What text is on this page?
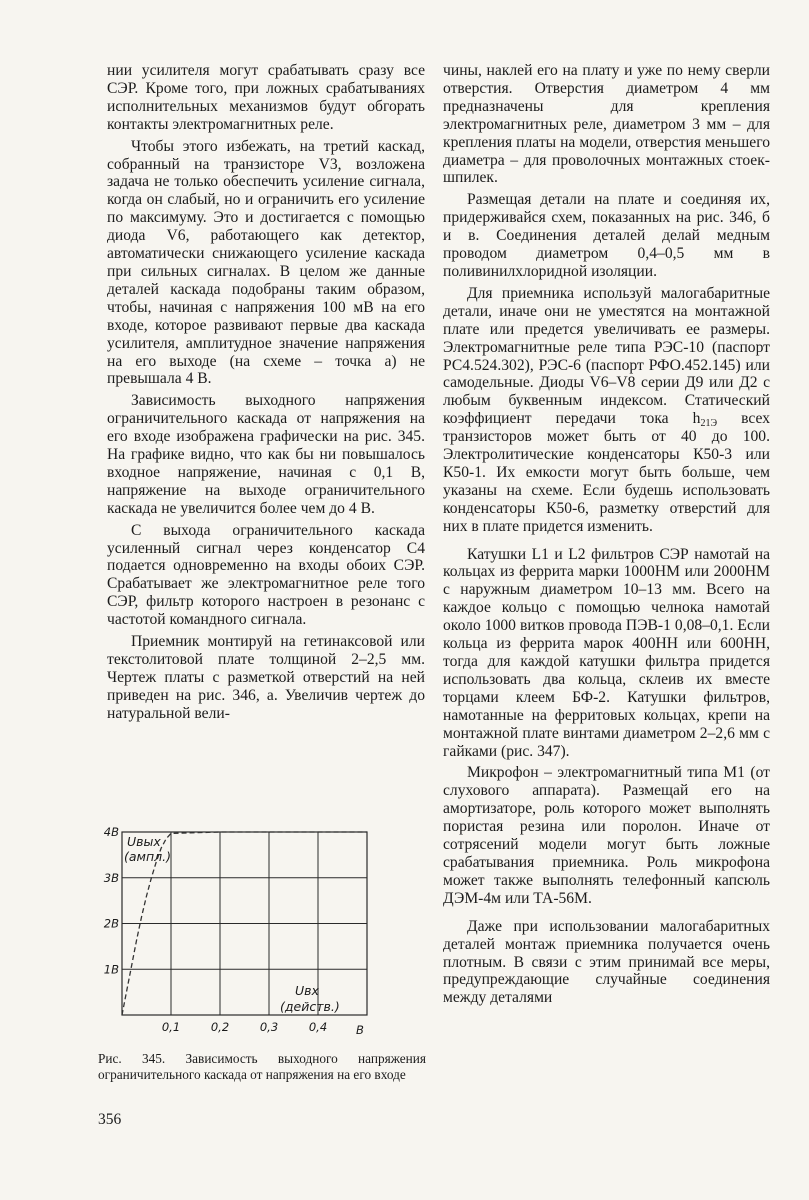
нии усилителя могут срабатывать сразу все СЭР. Кроме того, при ложных срабатываниях исполнительных механизмов будут обгорать контакты электромагнитных реле.

Чтобы этого избежать, на третий каскад, собранный на транзисторе V3, возложена задача не только обеспечить усиление сигнала, когда он слабый, но и ограничить его усиление по максимуму. Это и достигается с помощью диода V6, работающего как детектор, автоматически снижающего усиление каскада при сильных сигналах. В целом же данные деталей каскада подобраны таким образом, чтобы, начиная с напряжения 100 мВ на его входе, которое развивают первые два каскада усилителя, амплитудное значение напряжения на его выходе (на схеме – точка а) не превышала 4 В.

Зависимость выходного напряжения ограничительного каскада от напряжения на его входе изображена графически на рис. 345. На графике видно, что как бы ни повышалось входное напряжение, начиная с 0,1 В, напряжение на выходе ограничительного каскада не увеличится более чем до 4 В.

С выхода ограничительного каскада усиленный сигнал через конденсатор С4 подается одновременно на входы обоих СЭР. Срабатывает же электромагнитное реле того СЭР, фильтр которого настроен в резонанс с частотой командного сигнала.

Приемник монтируй на гетинаксовой или текстолитовой плате толщиной 2–2,5 мм. Чертеж платы с разметкой отверстий на ней приведен на рис. 346, а. Увеличив чертеж до натуральной вели-

чины, наклей его на плату и уже по нему сверли отверстия. Отверстия диаметром 4 мм предназначены для крепления электромагнитных реле, диаметром 3 мм – для крепления платы на модели, отверстия меньшего диаметра – для проволочных монтажных стоек-шпилек.

Размещая детали на плате и соединяя их, придерживайся схем, показанных на рис. 346, б и в. Соединения деталей делай медным проводом диаметром 0,4–0,5 мм в поливинилхлоридной изоляции.

Для приемника используй малогабаритные детали, иначе они не уместятся на монтажной плате или предется увеличивать ее размеры. Электромагнитные реле типа РЭС-10 (паспорт РС4.524.302), РЭС-6 (паспорт РФО.452.145) или самодельные. Диоды V6–V8 серии Д9 или Д2 с любым буквенным индексом. Статический коэффициент передачи тока $h_{21Э}$ всех транзисторов может быть от 40 до 100. Электролитические конденсаторы К50-3 или К50-1. Их емкости могут быть больше, чем указаны на схеме. Если будешь использовать конденсаторы К50-6, разметку отверстий для них в плате придется изменить.

Катушки L1 и L2 фильтров СЭР намотай на кольцах из феррита марки 1000НМ или 2000НМ с наружным диаметром 10–13 мм. Всего на каждое кольцо с помощью челнока намотай около 1000 витков провода ПЭВ-1 0,08–0,1. Если кольца из феррита марок 400НН или 600НН, тогда для каждой катушки фильтра придется использовать два кольца, склеив их вместе торцами клеем БФ-2. Катушки фильтров, намотанные на ферритовых кольцах, крепи на монтажной плате винтами диаметром 2–2,6 мм с гайками (рис. 347).

Микрофон – электромагнитный типа М1 (от слухового аппарата). Размещай его на амортизаторе, роль которого может выполнять пористая резина или поролон. Иначе от сотрясений модели могут быть ложные срабатывания приемника. Роль микрофона может также выполнять телефонный капсюль ДЭМ-4м или ТА-56М.

Даже при использовании малогабаритных деталей монтаж приемника получается очень плотным. В связи с этим принимай все меры, предупреждающие случайные соединения между деталями

1В
2В
3В
4В
0,1	0,2	0,3	0,4
Uвых
(ампл.)
Uвх
(действ.)
В
Рис. 345. Зависимость выходного напряжения ограничительного каскада от напряжения на его входе
356
